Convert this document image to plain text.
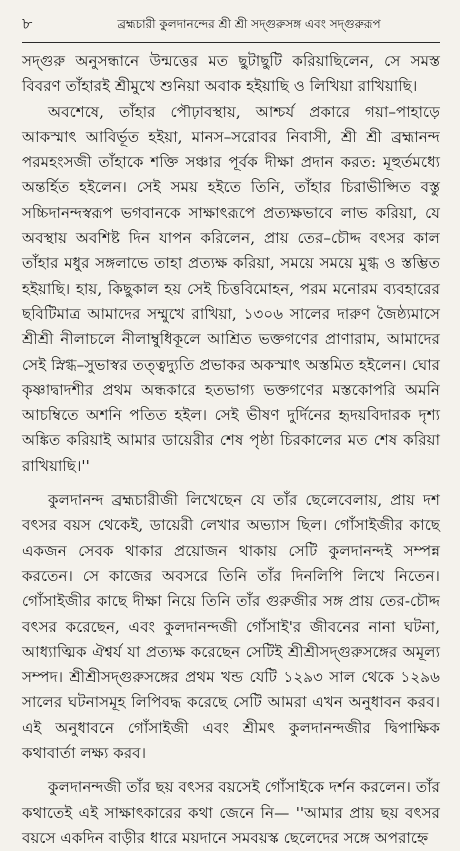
৮	ব্রহ্মচারী কুলদানন্দের শ্রী শ্রী সদ্গুরুসঙ্গ এবং সদ্গুরুরূপ

সদ্গুরু অনুসন্ধানে উন্মত্তের মত ছুটাছুটি করিয়াছিলেন, সে সমস্ত বিবরণ তাঁহারই শ্রীমুখে শুনিয়া অবাক হইয়াছি ও লিখিয়া রাখিয়াছি।

অবশেষে, তাঁহার পৌঢ়াবস্থায়, আশ্চর্য প্রকারে গয়া–পাহাড়ে আকস্মাৎ আবির্ভূত হইয়া, মানস–সরোবর নিবাসী, শ্রী শ্রী ব্রহ্মানন্দ পরমহংসজী তাঁহাকে শক্তি সঞ্চার পূর্বক দীক্ষা প্রদান করত: মূহুর্তমধ্যে অন্তর্হিত হইলেন। সেই সময় হইতে তিনি, তাঁহার চিরাভীপ্সিত বস্তু সচ্চিদানন্দস্বরূপ ভগবানকে সাক্ষাৎরূপে প্রত্যক্ষভাবে লাভ করিয়া, যে অবস্থায় অবশিষ্ট দিন যাপন করিলেন, প্রায় তের–চৌদ্দ বৎসর কাল তাঁহার মধুর সঙ্গলাভে তাহা প্রত্যক্ষ করিয়া, সময়ে সময়ে মুগ্ধ ও স্তম্ভিত হইয়াছি। হায়, কিছুকাল হয় সেই চিত্তবিমোহন, পরম মনোরম ব্যবহারের ছবিটিমাত্র আমাদের সম্মুখে রাখিয়া, ১৩০৬ সালের দারুণ জৈষ্ঠ্যমাসে শ্রীশ্রী নীলাচলে নীলাম্বুধিকূলে আশ্রিত ভক্তগণের প্রাণারাম, আমাদের সেই স্নিগ্ধ–সুভাস্বর তত্ত্বদ্যুতি প্রভাকর অকস্মাৎ অস্তমিত হইলেন। ঘোর কৃষ্ণাদ্বাদশীর প্রথম অন্ধকারে হতভাগ্য ভক্তগণের মস্তকোপরি অমনি আচম্বিতে অশনি পতিত হইল। সেই ভীষণ দুর্দিনের হৃদয়বিদারক দৃশ্য অঙ্কিত করিয়াই আমার ডায়েরীর শেষ পৃষ্ঠা চিরকালের মত শেষ করিয়া রাখিয়াছি।''

কুলদানন্দ ব্রহ্মচারীজী লিখেছেন যে তাঁর ছেলেবেলায়, প্রায় দশ বৎসর বয়স থেকেই, ডায়েরী লেখার অভ্যাস ছিল। গোঁসাইজীর কাছে একজন সেবক থাকার প্রয়োজন থাকায় সেটি কুলদানন্দই সম্পন্ন করতেন। সে কাজের অবসরে তিনি তাঁর দিনলিপি লিখে নিতেন। গোঁসাইজীর কাছে দীক্ষা নিয়ে তিনি তাঁর গুরুজীর সঙ্গ প্রায় তের-চৌদ্দ বৎসর করেছেন, এবং কুলদানন্দজী গোঁসাই'র জীবনের নানা ঘটনা, আধ্যাত্মিক ঐশ্বর্য যা প্রত্যক্ষ করেছেন সেটিই শ্রীশ্রীসদ্গুরুসঙ্গের অমূল্য সম্পদ। শ্রীশ্রীসদ্গুরুসঙ্গের প্রথম খন্ড যেটি ১২৯৩ সাল থেকে ১২৯৬ সালের ঘটনাসমূহ লিপিবদ্ধ করেছে সেটি আমরা এখন অনুধাবন করব। এই অনুধাবনে গোঁসাইজী এবং শ্রীমৎ কুলদানন্দজীর দ্বিপাক্ষিক কথাবার্তা লক্ষ্য করব।

কুলদানন্দজী তাঁর ছয় বৎসর বয়সেই গোঁসাইকে দর্শন করলেন। তাঁর কথাতেই এই সাক্ষাৎকারের কথা জেনে নি— ''আমার প্রায় ছয় বৎসর বয়সে একদিন বাড়ীর ধারে ময়দানে সমবয়স্ক ছেলেদের সঙ্গে অপরাহ্নে
